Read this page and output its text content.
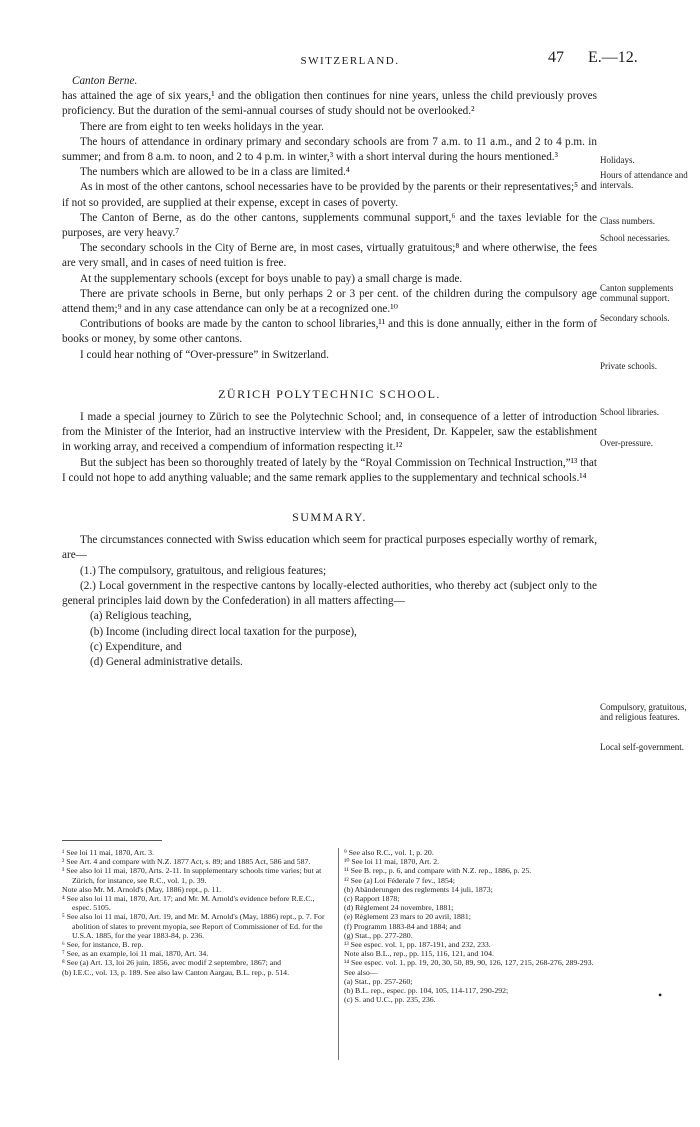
SWITZERLAND.	47 E.—12.

Canton Berne.

has attained the age of six years,¹ and the obligation then continues for nine years, unless the child previously proves proficiency. But the duration of the semi-annual courses of study should not be overlooked.²

There are from eight to ten weeks holidays in the year.

The hours of attendance in ordinary primary and secondary schools are from 7 a.m. to 11 a.m., and 2 to 4 p.m. in summer; and from 8 a.m. to noon, and 2 to 4 p.m. in winter,³ with a short interval during the hours mentioned.³

The numbers which are allowed to be in a class are limited.⁴

As in most of the other cantons, school necessaries have to be provided by the parents or their representatives;⁵ and if not so provided, are supplied at their expense, except in cases of poverty.

The Canton of Berne, as do the other cantons, supplements communal support,⁶ and the taxes leviable for the purposes, are very heavy.⁷

The secondary schools in the City of Berne are, in most cases, virtually gratuitous;⁸ and where otherwise, the fees are very small, and in cases of need tuition is free.

At the supplementary schools (except for boys unable to pay) a small charge is made.

There are private schools in Berne, but only perhaps 2 or 3 per cent. of the children during the compulsory age attend them;⁹ and in any case attendance can only be at a recognized one.¹⁰

Contributions of books are made by the canton to school libraries,¹¹ and this is done annually, either in the form of books or money, by some other cantons.

I could hear nothing of “Over-pressure” in Switzerland.

ZÜRICH POLYTECHNIC SCHOOL.

I made a special journey to Zürich to see the Polytechnic School; and, in consequence of a letter of introduction from the Minister of the Interior, had an instructive interview with the President, Dr. Kappeler, saw the establishment in working array, and received a compendium of information respecting it.¹²

But the subject has been so thoroughly treated of lately by the “Royal Commission on Technical Instruction,”¹³ that I could not hope to add anything valuable; and the same remark applies to the supplementary and technical schools.¹⁴

SUMMARY.

The circumstances connected with Swiss education which seem for practical purposes especially worthy of remark, are—

(1.) The compulsory, gratuitous, and religious features;

(2.) Local government in the respective cantons by locally-elected authorities, who thereby act (subject only to the general principles laid down by the Confederation) in all matters affecting—

(a) Religious teaching,

(b) Income (including direct local taxation for the purpose),

(c) Expenditure, and

(d) General administrative details.

Holidays.
Hours of attendance and intervals.
Class numbers.
School necessaries.
Canton supplements communal support.
Secondary schools.
Private schools.
School libraries.
Over-pressure.
Compulsory, gratuitous, and religious features.
Local self-government.

¹ See loi 11 mai, 1870, Art. 3.

² See Art. 4 and compare with N.Z. 1877 Act, s. 89; and 1885 Act, 586 and 587.

³ See also loi 11 mai, 1870, Arts. 2-11. In supplementary schools time varies; but at Zürich, for instance, see R.C., vol. 1, p. 39.

Note also Mr. M. Arnold's (May, 1886) rept., p. 11.

⁴ See also loi 11 mai, 1870, Art. 17; and Mr. M. Arnold's evidence before R.E.C., espec. 5105.

⁵ See also loi 11 mai, 1870, Art. 19, and Mr. M. Arnold's (May, 1886) rept., p. 7. For abolition of slates to prevent myopia, see Report of Commissioner of Ed. for the U.S.A. 1885, for the year 1883-84, p. 236.

⁶ See, for instance, B. rep.

⁷ See, as an example, loi 11 mai, 1870, Art. 34.

⁸ See (a) Art. 13, loi 26 juin, 1856, avec modif 2 septembre, 1867; and

(b) I.E.C., vol. 13, p. 189. See also law Canton Aargau, B.L. rep., p. 514.

⁹ See also R.C., vol. 1, p. 20.

¹⁰ See loi 11 mai, 1870, Art. 2.

¹¹ See B. rep., p. 6, and compare with N.Z. rep., 1886, p. 25.

¹² See (a) Loi Féderale 7 fev., 1854;

(b) Abänderungen des reglements 14 juli, 1873;

(c) Rapport 1878;

(d) Règlement 24 novembre, 1881;

(e) Règlement 23 mars to 20 avril, 1881;

(f) Programm 1883-84 and 1884; and

(g) Stat., pp. 277-280.

¹³ See espec. vol. 1, pp. 187-191, and 232, 233.

Note also B.L., rep., pp. 115, 116, 121, and 104.

¹⁴ See espec. vol. 1, pp. 19, 20, 30, 50, 89, 90, 126, 127, 215, 268-276, 289-293.

See also—

(a) Stat., pp. 257-260;

(b) B.L. rep., espec. pp. 104, 105, 114-117, 290-292;

(c) S. and U.C., pp. 235, 236.	•
